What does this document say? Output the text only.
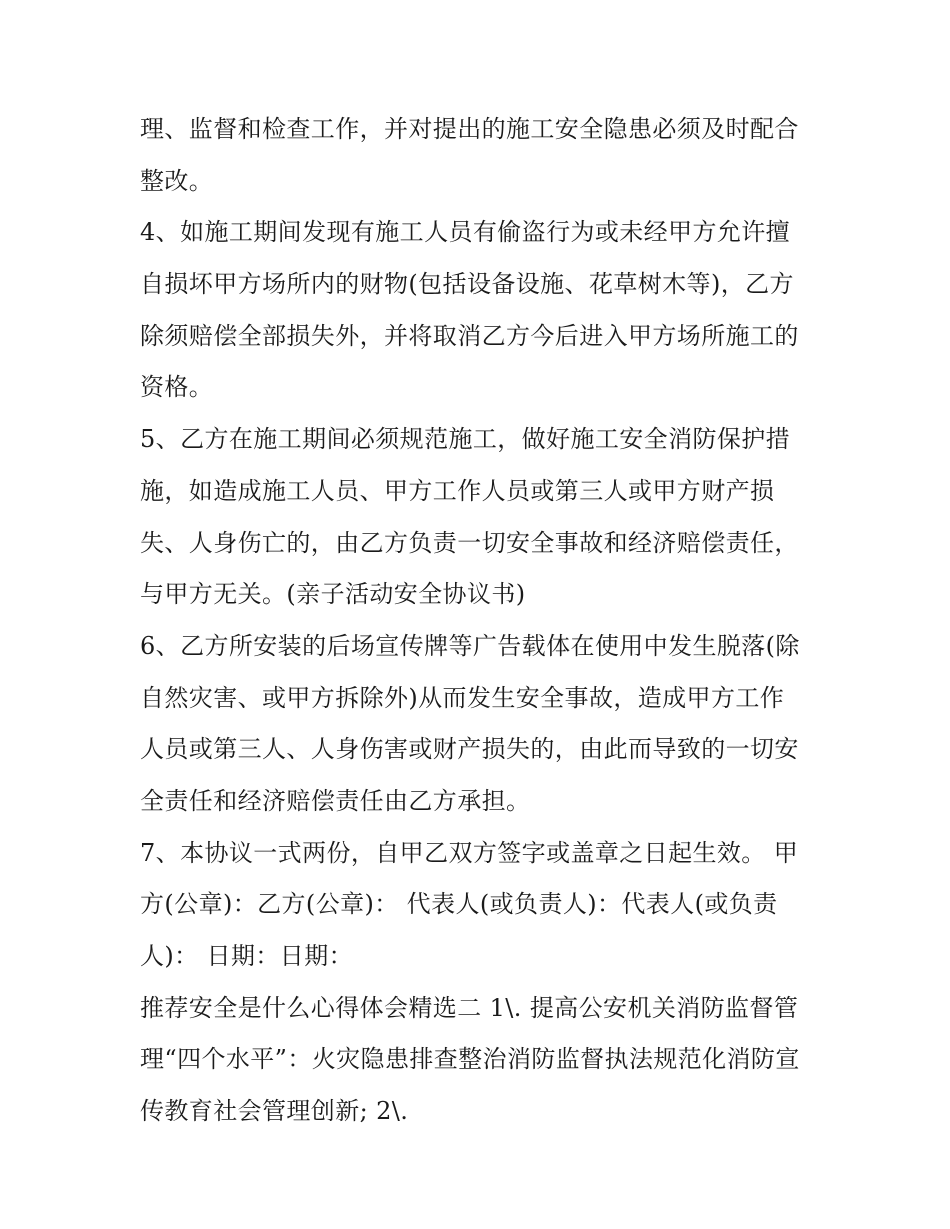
理、监督和检查工作，并对提出的施工安全隐患必须及时配合
整改。
4、如施工期间发现有施工人员有偷盗行为或未经甲方允许擅
自损坏甲方场所内的财物(包括设备设施、花草树木等)，乙方
除须赔偿全部损失外，并将取消乙方今后进入甲方场所施工的
资格。
5、乙方在施工期间必须规范施工，做好施工安全消防保护措
施，如造成施工人员、甲方工作人员或第三人或甲方财产损
失、人身伤亡的，由乙方负责一切安全事故和经济赔偿责任，
与甲方无关。(亲子活动安全协议书)
6、乙方所安装的后场宣传牌等广告载体在使用中发生脱落(除
自然灾害、或甲方拆除外)从而发生安全事故，造成甲方工作
人员或第三人、人身伤害或财产损失的，由此而导致的一切安
全责任和经济赔偿责任由乙方承担。
7、本协议一式两份，自甲乙双方签字或盖章之日起生效。 甲
方(公章)：乙方(公章)： 代表人(或负责人)：代表人(或负责
人)： 日期：日期：
推荐安全是什么心得体会精选二 1\. 提高公安机关消防监督管
理“四个水平”：火灾隐患排查整治消防监督执法规范化消防宣
传教育社会管理创新; 2\.
